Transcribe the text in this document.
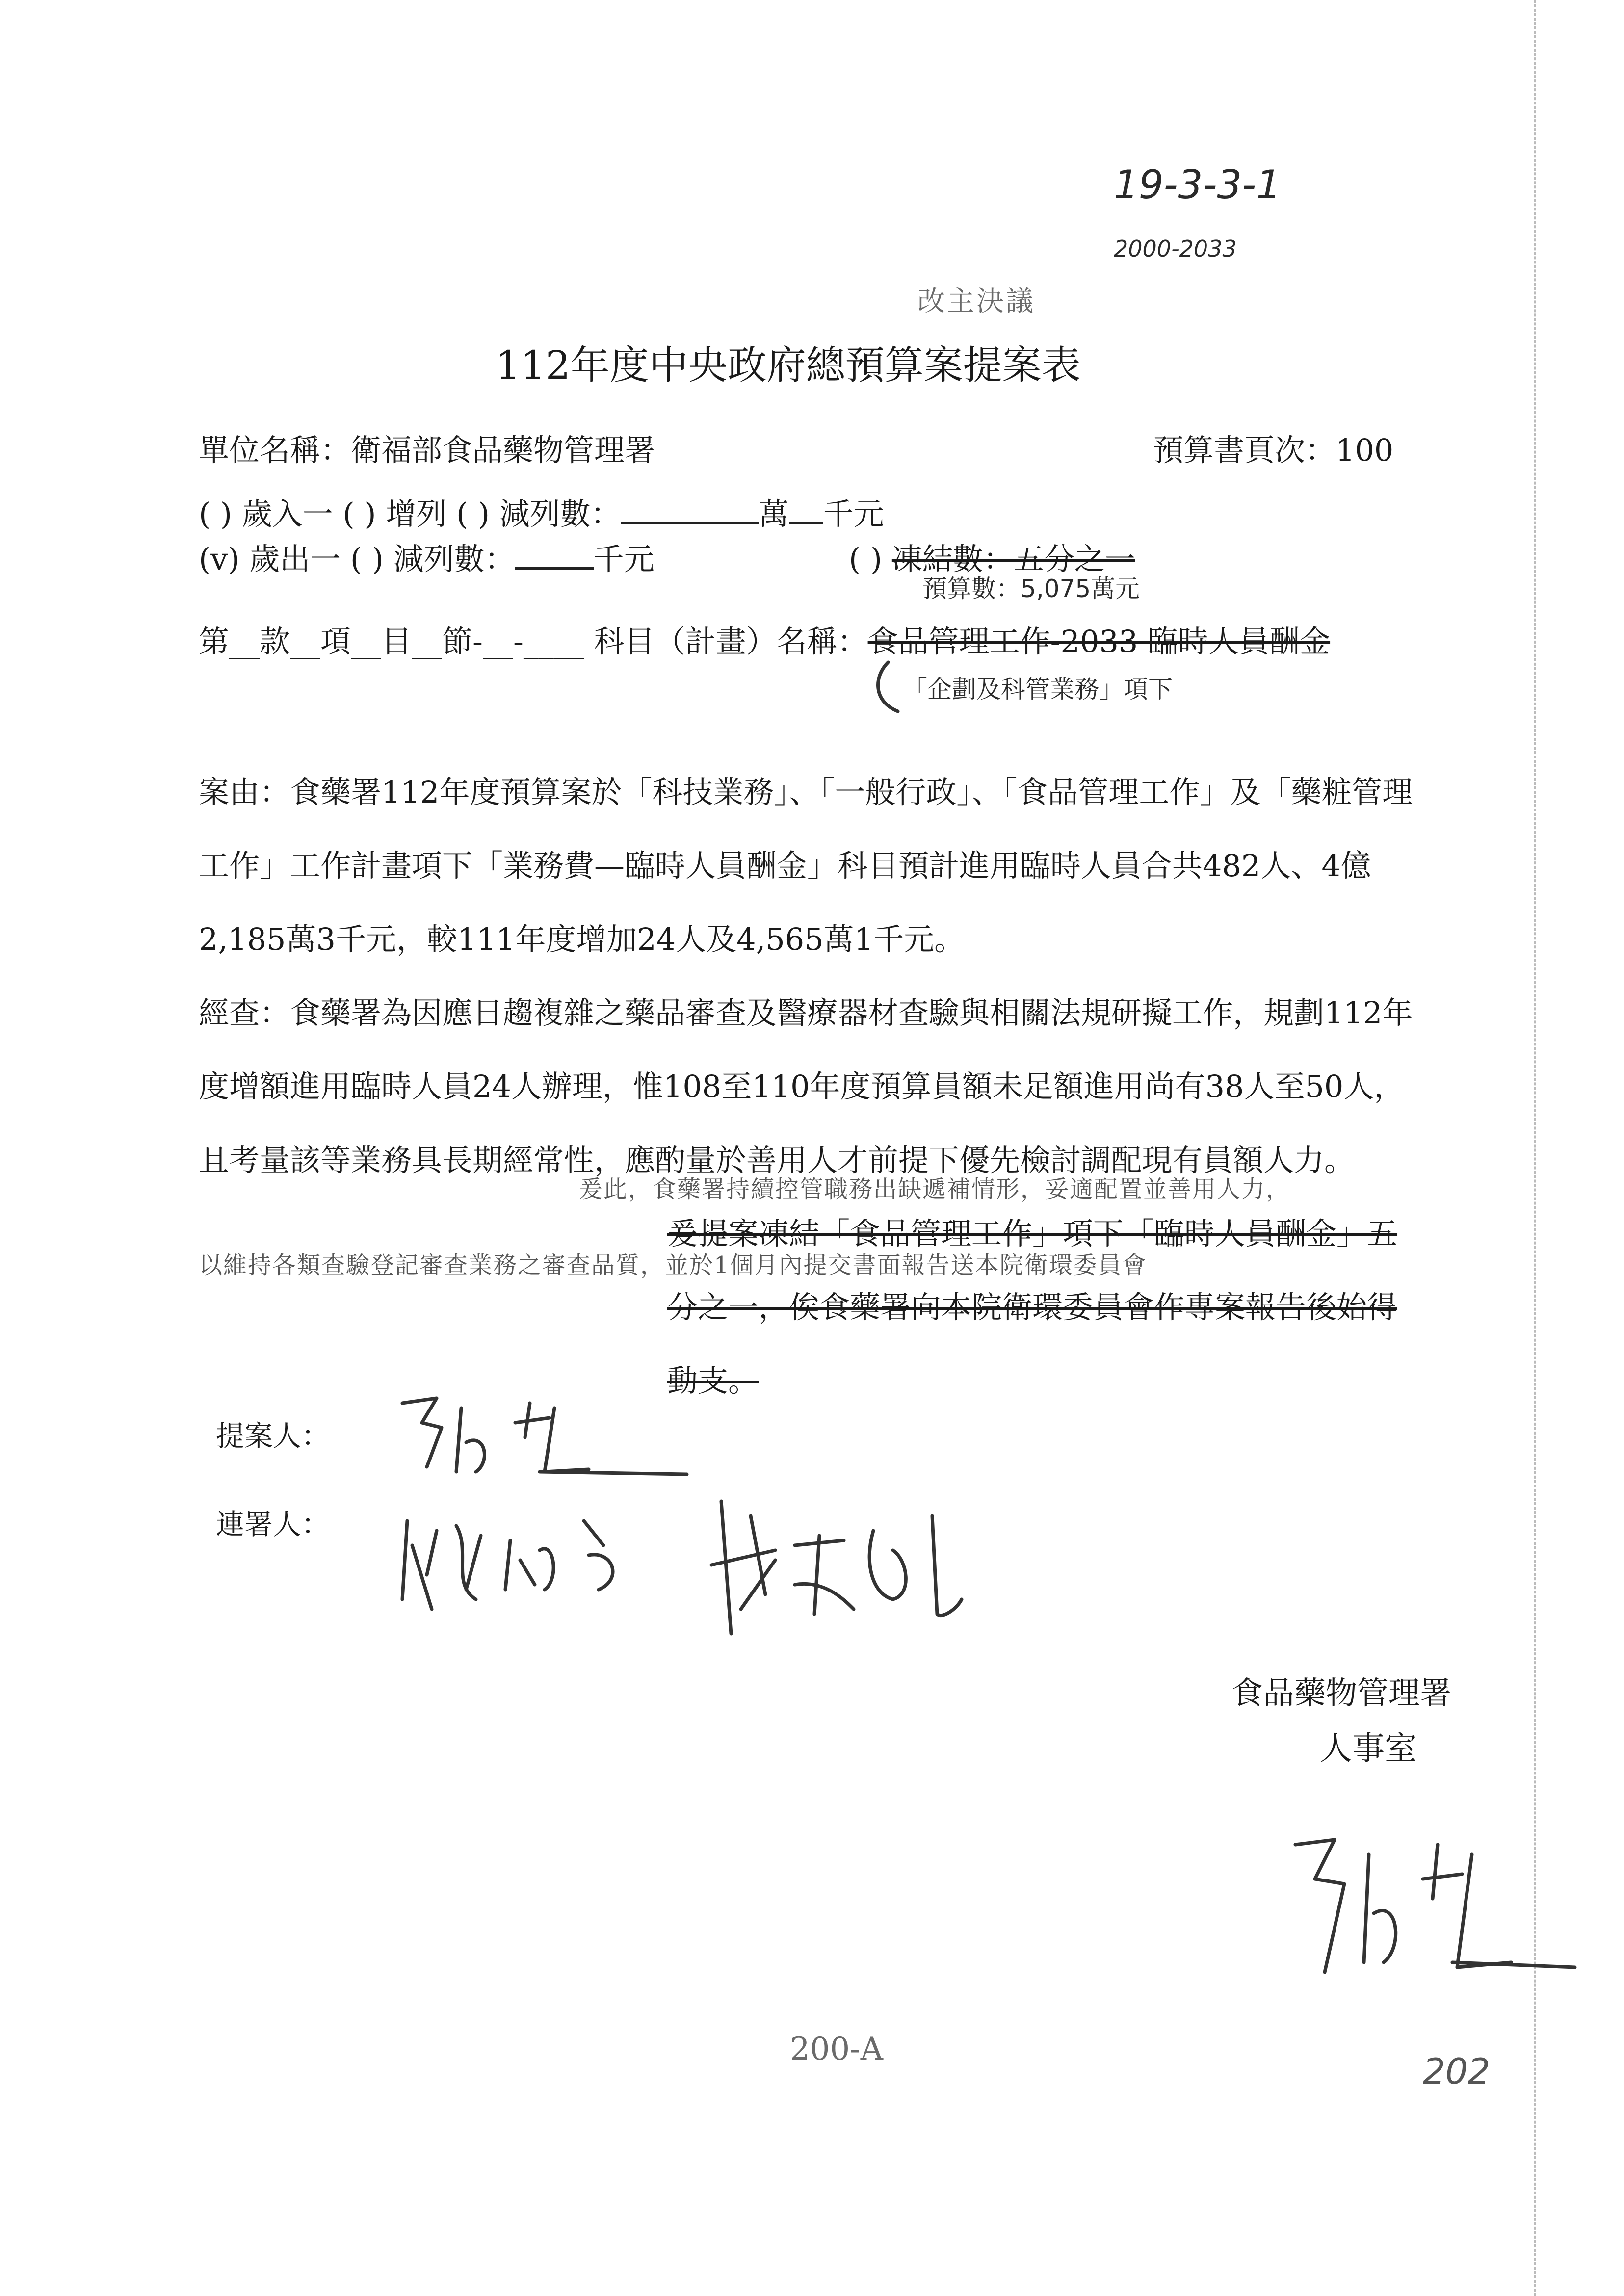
19-3-3-1
2000-2033
改主決議
112年度中央政府總預算案提案表
單位名稱：衛福部食品藥物管理署	預算書頁次：100
( ) 歲入一 ( ) 增列 ( ) 減列數：	萬 千元
(v) 歲出一 ( ) 減列數：	千元	( ) 凍結數：五分之一
預算數：5,075萬元
第__款__項__目__節-__-____ 科目（計畫）名稱：食品管理工作-2033 臨時人員酬金
「企劃及科管業務」項下
案由：食藥署112年度預算案於「科技業務」、「一般行政」、「食品管理工作」及「藥粧管理工作」工作計畫項下「業務費—臨時人員酬金」科目預計進用臨時人員合共482人、4億2,185萬3千元，較111年度增加24人及4,565萬1千元。
經查：食藥署為因應日趨複雜之藥品審查及醫療器材查驗與相關法規研擬工作，規劃112年度增額進用臨時人員24人辦理，惟108至110年度預算員額未足額進用尚有38人至50人，且考量該等業務具長期經常性，應酌量於善用人才前提下優先檢討調配現有員額人力。
爰此，食藥署持續控管職務出缺遞補情形，妥適配置並善用人力，
以維持各類查驗登記審查業務之審查品質，並於1個月內提交書面報告送本院衛環委員會
爰提案凍結「食品管理工作」項下「臨時人員酬金」五分之一，俟食藥署向本院衛環委員會作專案報告後始得動支。
提案人：
連署人：
食品藥物管理署
人事室
200-A
202
